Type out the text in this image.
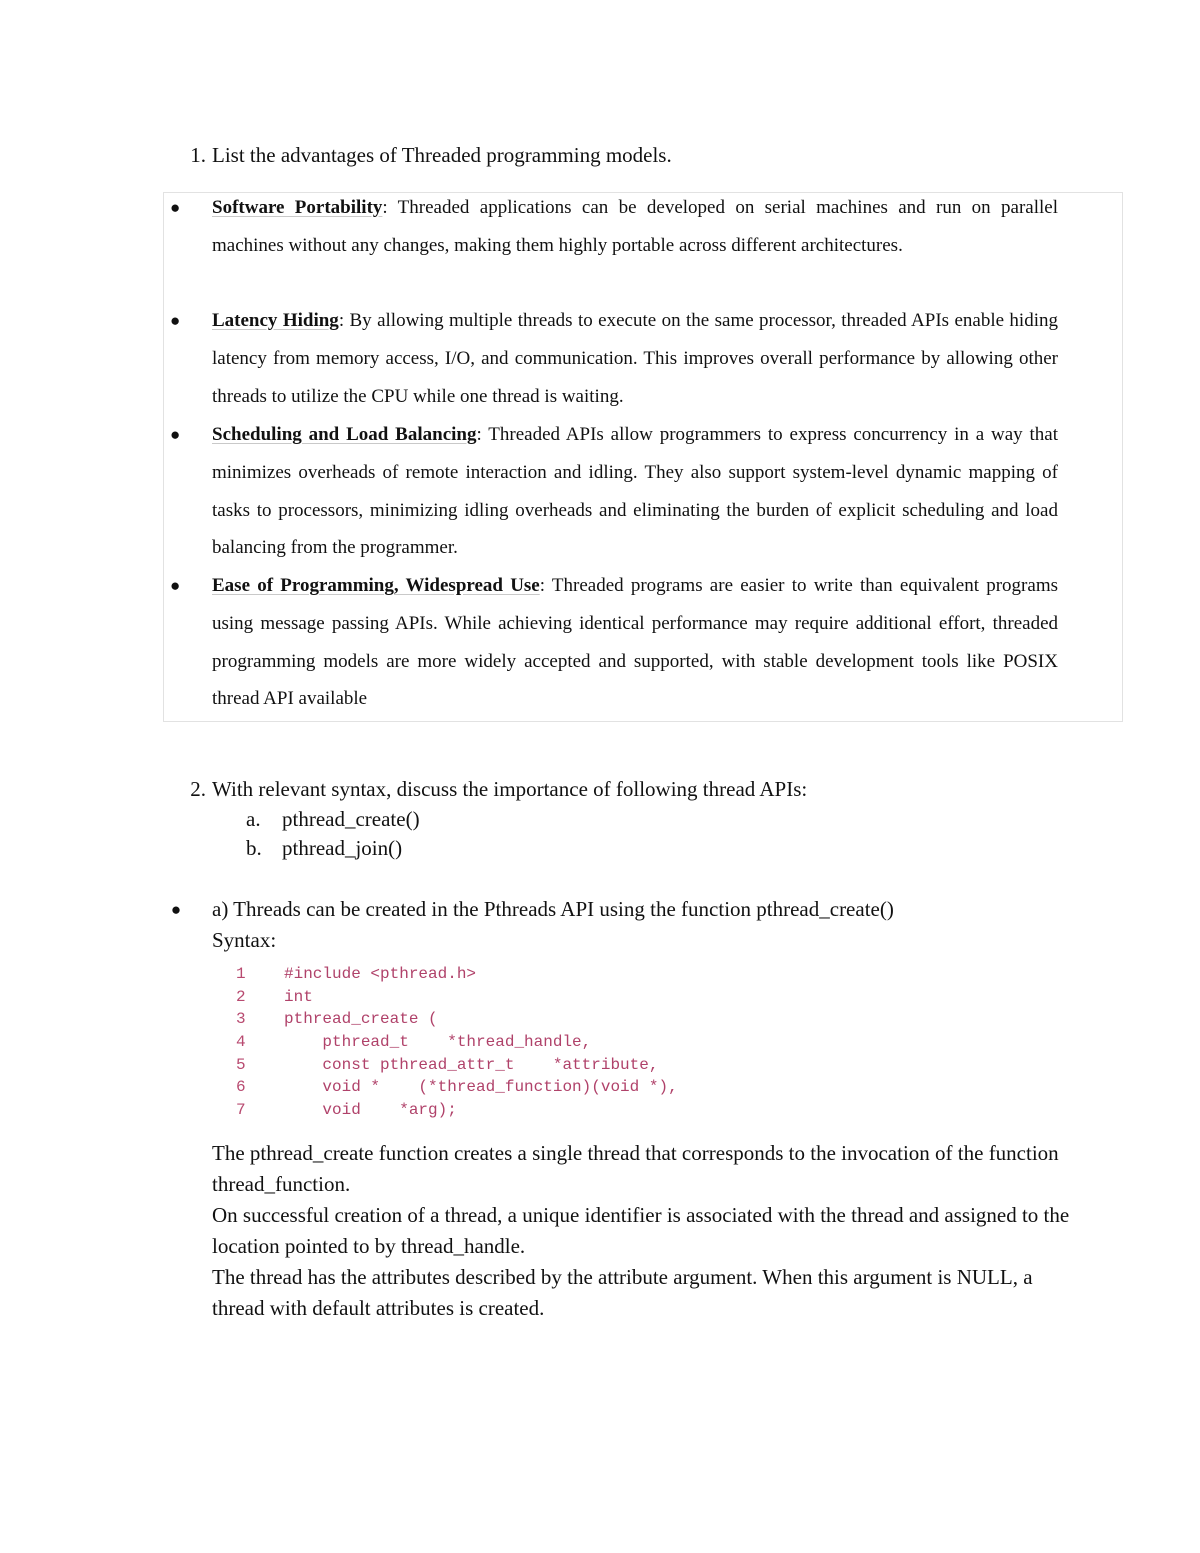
1. List the advantages of Threaded programming models.
● Software Portability: Threaded applications can be developed on serial machines and run on parallel machines without any changes, making them highly portable across different architectures.
● Latency Hiding: By allowing multiple threads to execute on the same processor, threaded APIs enable hiding latency from memory access, I/O, and communication. This improves overall performance by allowing other threads to utilize the CPU while one thread is waiting.
● Scheduling and Load Balancing: Threaded APIs allow programmers to express concurrency in a way that minimizes overheads of remote interaction and idling. They also support system-level dynamic mapping of tasks to processors, minimizing idling overheads and eliminating the burden of explicit scheduling and load balancing from the programmer.
● Ease of Programming, Widespread Use: Threaded programs are easier to write than equivalent programs using message passing APIs. While achieving identical performance may require additional effort, threaded programming models are more widely accepted and supported, with stable development tools like POSIX thread API available
2. With relevant syntax, discuss the importance of following thread APIs:
a. pthread_create()
b. pthread_join()
● a) Threads can be created in the Pthreads API using the function pthread_create()
Syntax:
1 #include <pthread.h>
2 int
3 pthread_create (
4 pthread_t    *thread_handle,
5 const pthread_attr_t    *attribute,
6 void *    (*thread_function)(void *),
7 void    *arg);

The pthread_create function creates a single thread that corresponds to the invocation of the function thread_function.

On successful creation of a thread, a unique identifier is associated with the thread and assigned to the location pointed to by thread_handle.

The thread has the attributes described by the attribute argument. When this argument is NULL, a thread with default attributes is created.
